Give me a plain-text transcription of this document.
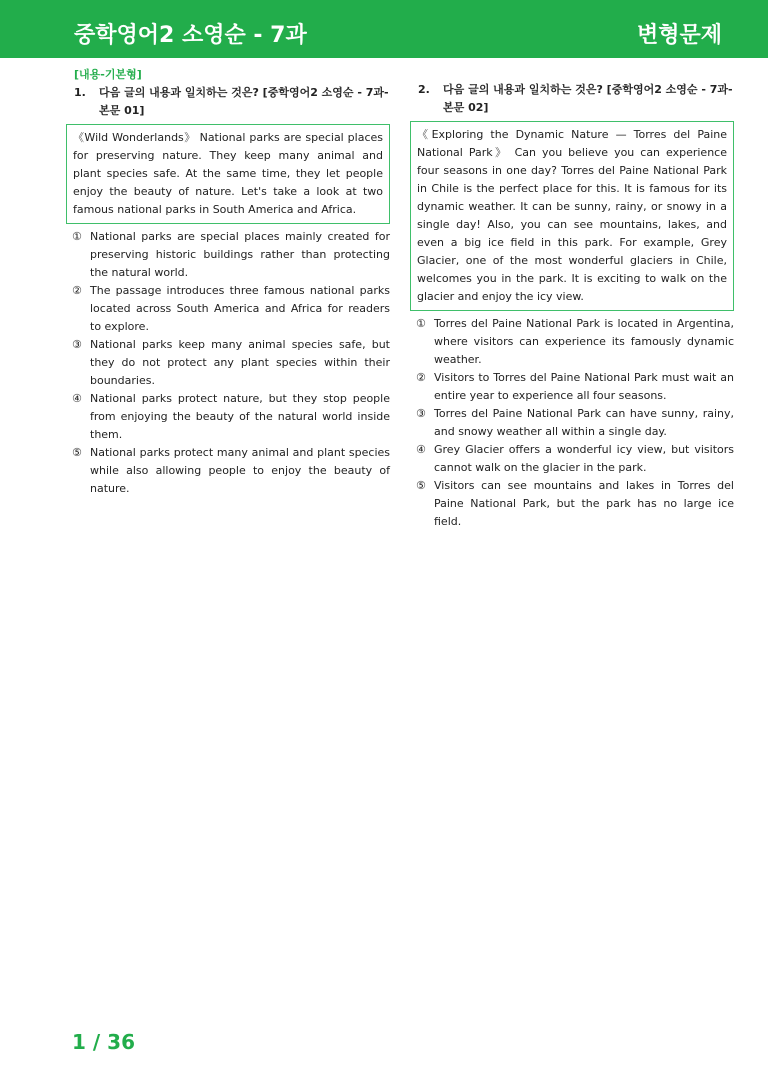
중학영어2 소영순 - 7과	변형문제
[내용-기본형]
1.	다음 글의 내용과 일치하는 것은? [중학영어2 소영순 - 7과-본문 01]
《Wild Wonderlands》 National parks are special places for preserving nature. They keep many animal and plant species safe. At the same time, they let people enjoy the beauty of nature. Let's take a look at two famous national parks in South America and Africa.
① National parks are special places mainly created for preserving historic buildings rather than protecting the natural world.
② The passage introduces three famous national parks located across South America and Africa for readers to explore.
③ National parks keep many animal species safe, but they do not protect any plant species within their boundaries.
④ National parks protect nature, but they stop people from enjoying the beauty of the natural world inside them.
⑤ National parks protect many animal and plant species while also allowing people to enjoy the beauty of nature.

2.	다음 글의 내용과 일치하는 것은? [중학영어2 소영순 - 7과-본문 02]
《Exploring the Dynamic Nature — Torres del Paine National Park》 Can you believe you can experience four seasons in one day? Torres del Paine National Park in Chile is the perfect place for this. It is famous for its dynamic weather. It can be sunny, rainy, or snowy in a single day! Also, you can see mountains, lakes, and even a big ice field in this park. For example, Grey Glacier, one of the most wonderful glaciers in Chile, welcomes you in the park. It is exciting to walk on the glacier and enjoy the icy view.
① Torres del Paine National Park is located in Argentina, where visitors can experience its famously dynamic weather.
② Visitors to Torres del Paine National Park must wait an entire year to experience all four seasons.
③ Torres del Paine National Park can have sunny, rainy, and snowy weather all within a single day.
④ Grey Glacier offers a wonderful icy view, but visitors cannot walk on the glacier in the park.
⑤ Visitors can see mountains and lakes in Torres del Paine National Park, but the park has no large ice field.
1 / 36
